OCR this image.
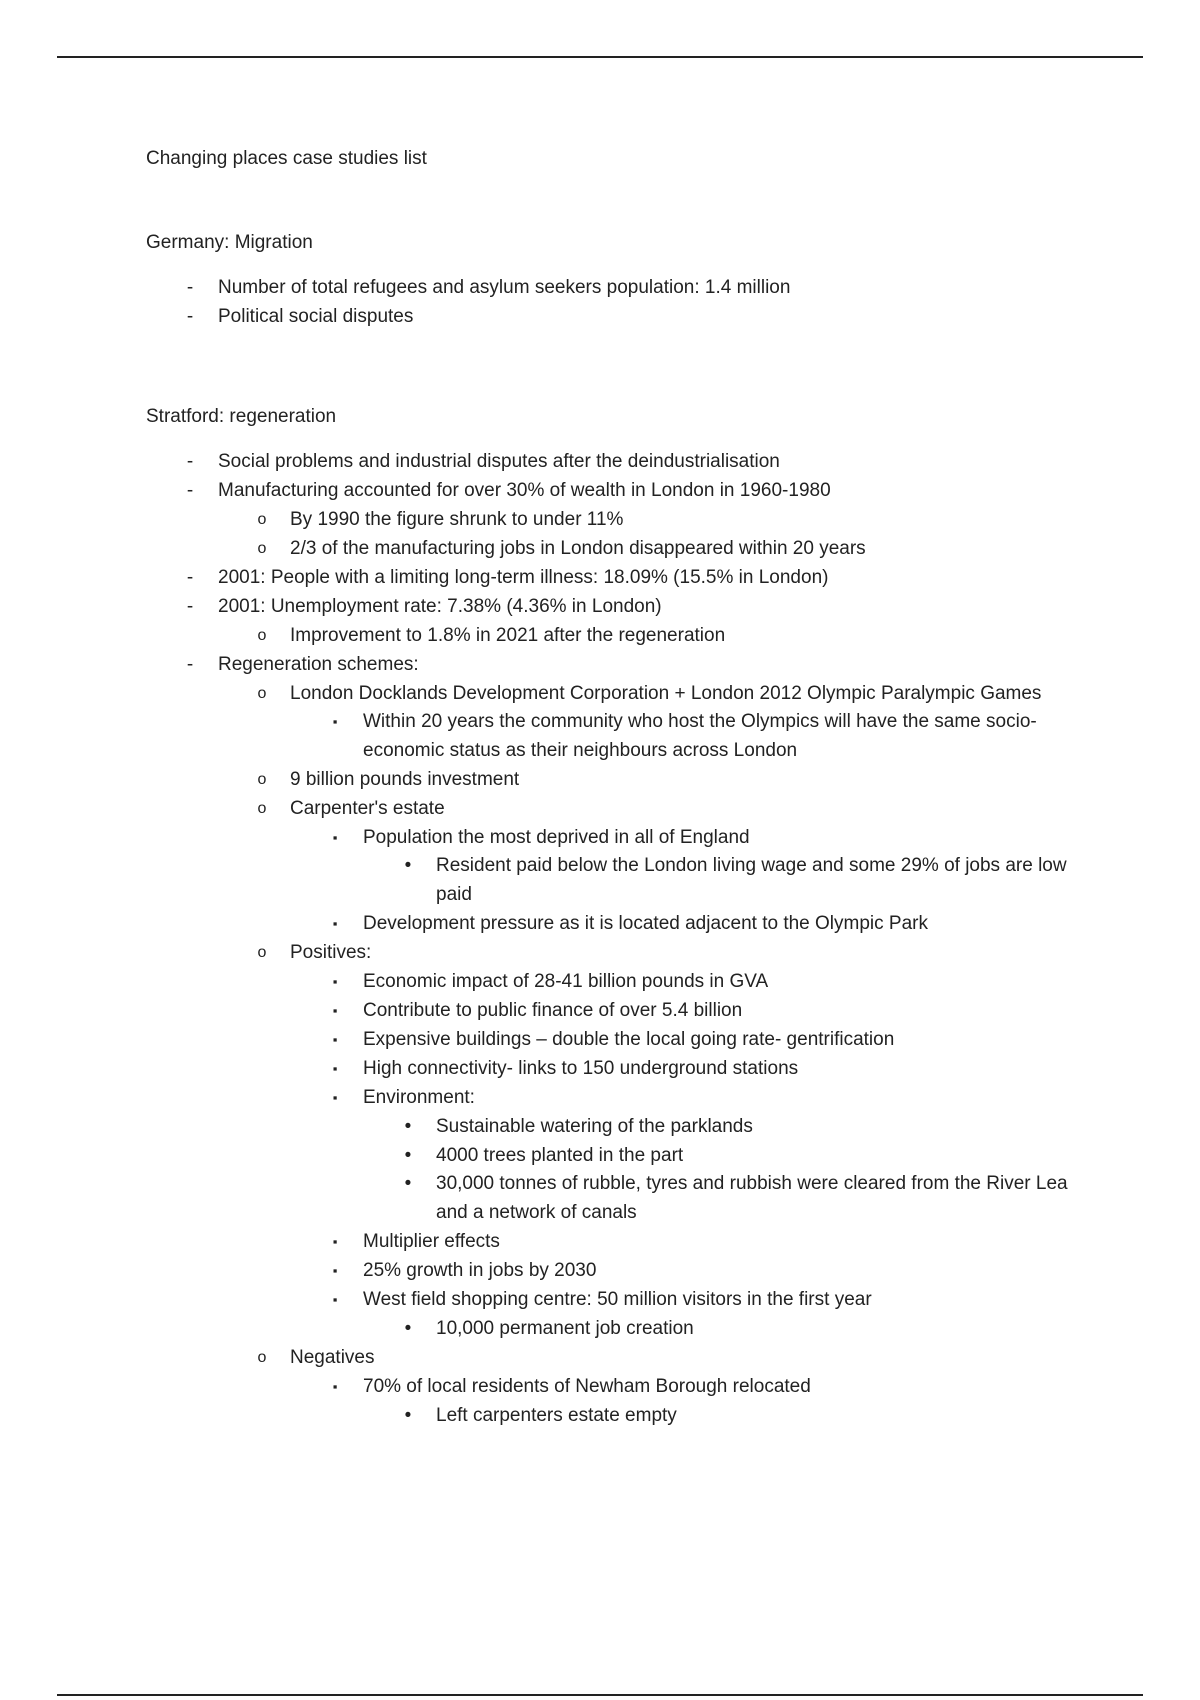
Changing places case studies list
Germany: Migration
-	Number of total refugees and asylum seekers population: 1.4 million
-	Political social disputes
Stratford: regeneration
-	Social problems and industrial disputes after the deindustrialisation
-	Manufacturing accounted for over 30% of wealth in London in 1960-1980
o By 1990 the figure shrunk to under 11%
o 2/3 of the manufacturing jobs in London disappeared within 20 years
-	2001: People with a limiting long-term illness: 18.09% (15.5% in London)
-	2001: Unemployment rate: 7.38% (4.36% in London)
o Improvement to 1.8% in 2021 after the regeneration
-	Regeneration schemes:
o London Docklands Development Corporation + London 2012 Olympic Paralympic Games
▪	Within 20 years the community who host the Olympics will have the same socio-economic status as their neighbours across London
o 9 billion pounds investment
o Carpenter's estate
▪	Population the most deprived in all of England
•	Resident paid below the London living wage and some 29% of jobs are low paid
▪	Development pressure as it is located adjacent to the Olympic Park
o Positives:
▪	Economic impact of 28-41 billion pounds in GVA
▪	Contribute to public finance of over 5.4 billion
▪	Expensive buildings – double the local going rate- gentrification
▪	High connectivity- links to 150 underground stations
▪	Environment:
•	Sustainable watering of the parklands
•	4000 trees planted in the part
•	30,000 tonnes of rubble, tyres and rubbish were cleared from the River Lea and a network of canals
▪	Multiplier effects
▪	25% growth in jobs by 2030
▪	West field shopping centre: 50 million visitors in the first year
•	10,000 permanent job creation
o Negatives
▪	70% of local residents of Newham Borough relocated
•	Left carpenters estate empty
